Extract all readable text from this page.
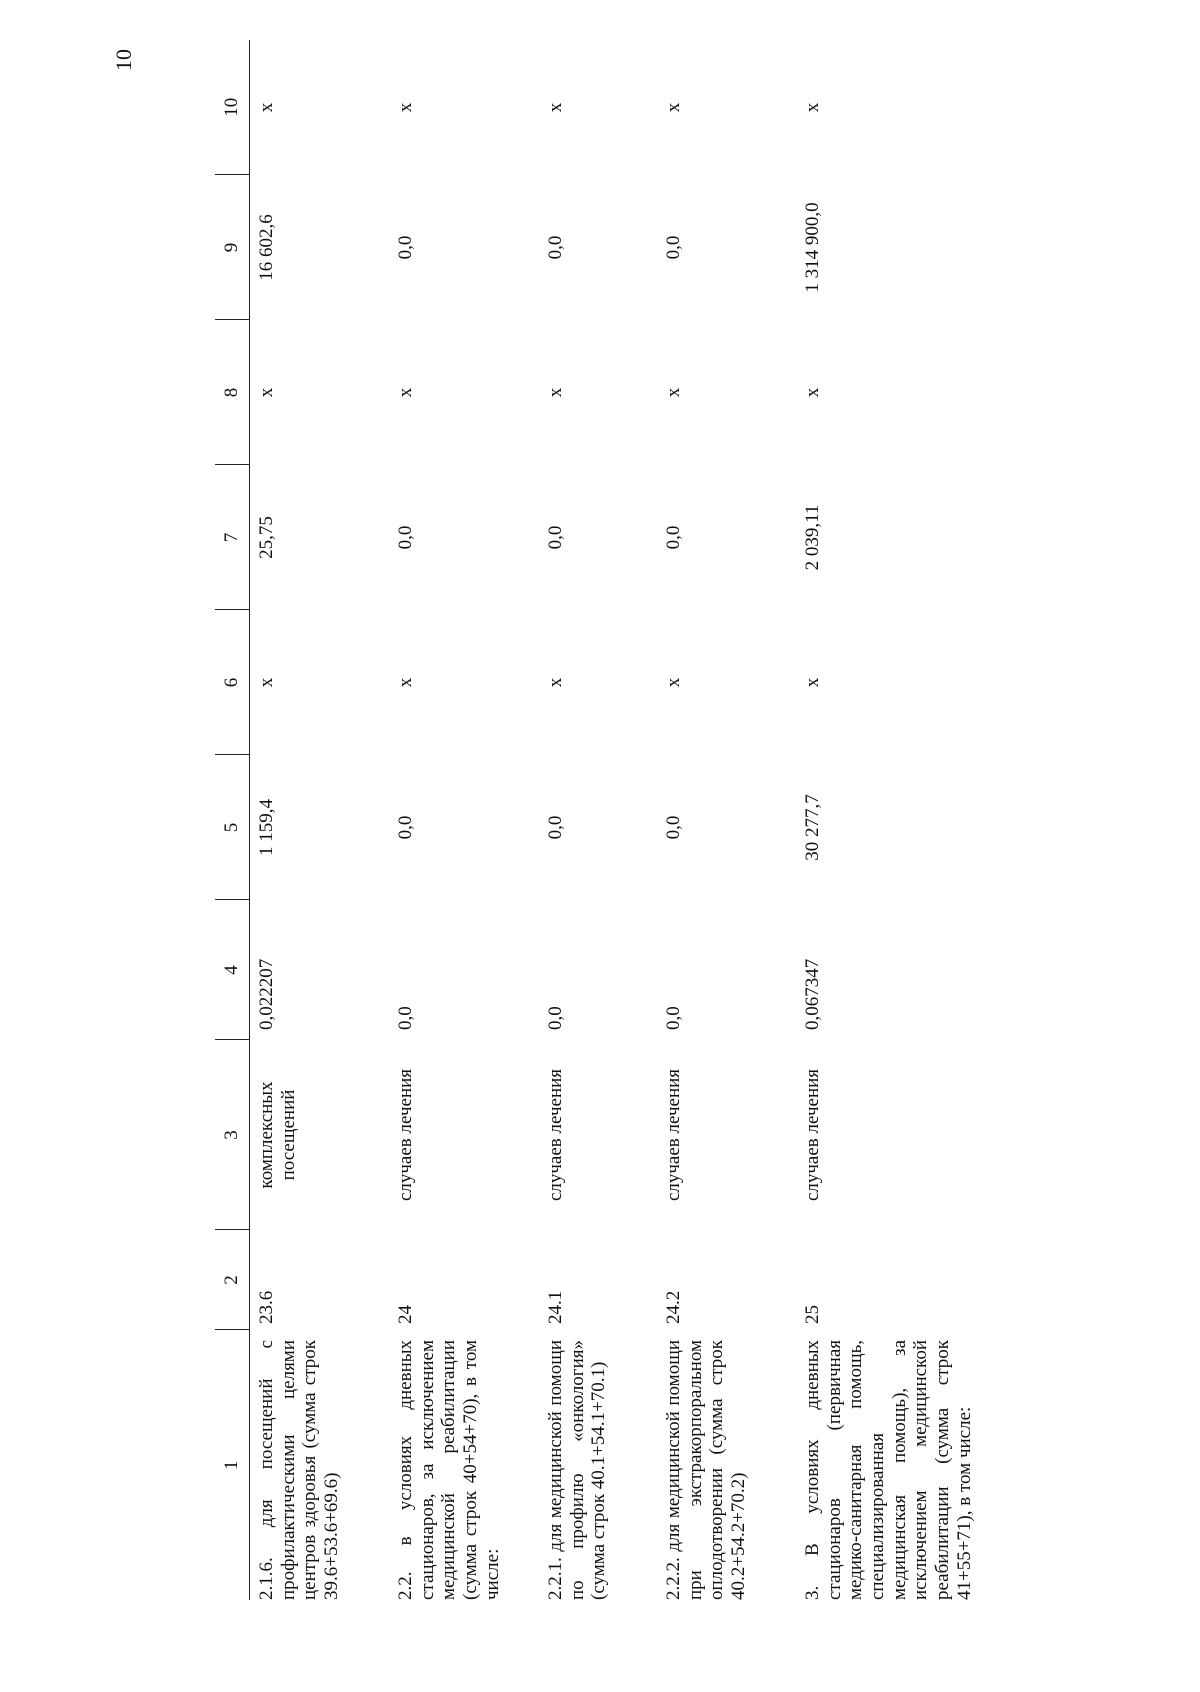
10
1	2	3	4	5	6	7	8	9	10
2.1.6. для посещений с профилактическими целями центров здоровья (сумма строк 39.6+53.6+69.6)	23.6	комплексных посещений	0,022207	1 159,4	х	25,75	х	16 602,6	х
2.2. в условиях дневных стационаров, за исключением медицинской реабилитации (сумма строк 40+54+70), в том числе:	24	случаев лечения	0,0	0,0	х	0,0	х	0,0	х
2.2.1. для медицинской помощи по профилю «онкология» (сумма строк 40.1+54.1+70.1)	24.1	случаев лечения	0,0	0,0	х	0,0	х	0,0	х
2.2.2. для медицинской помощи при экстракорпоральном оплодотворении (сумма строк 40.2+54.2+70.2)	24.2	случаев лечения	0,0	0,0	х	0,0	х	0,0	х
3. В условиях дневных стационаров (первичная медико-санитарная помощь, специализированная медицинская помощь), за исключением медицинской реабилитации (сумма строк 41+55+71), в том числе:	25	случаев лечения	0,067347	30 277,7	х	2 039,11	х	1 314 900,0	х
